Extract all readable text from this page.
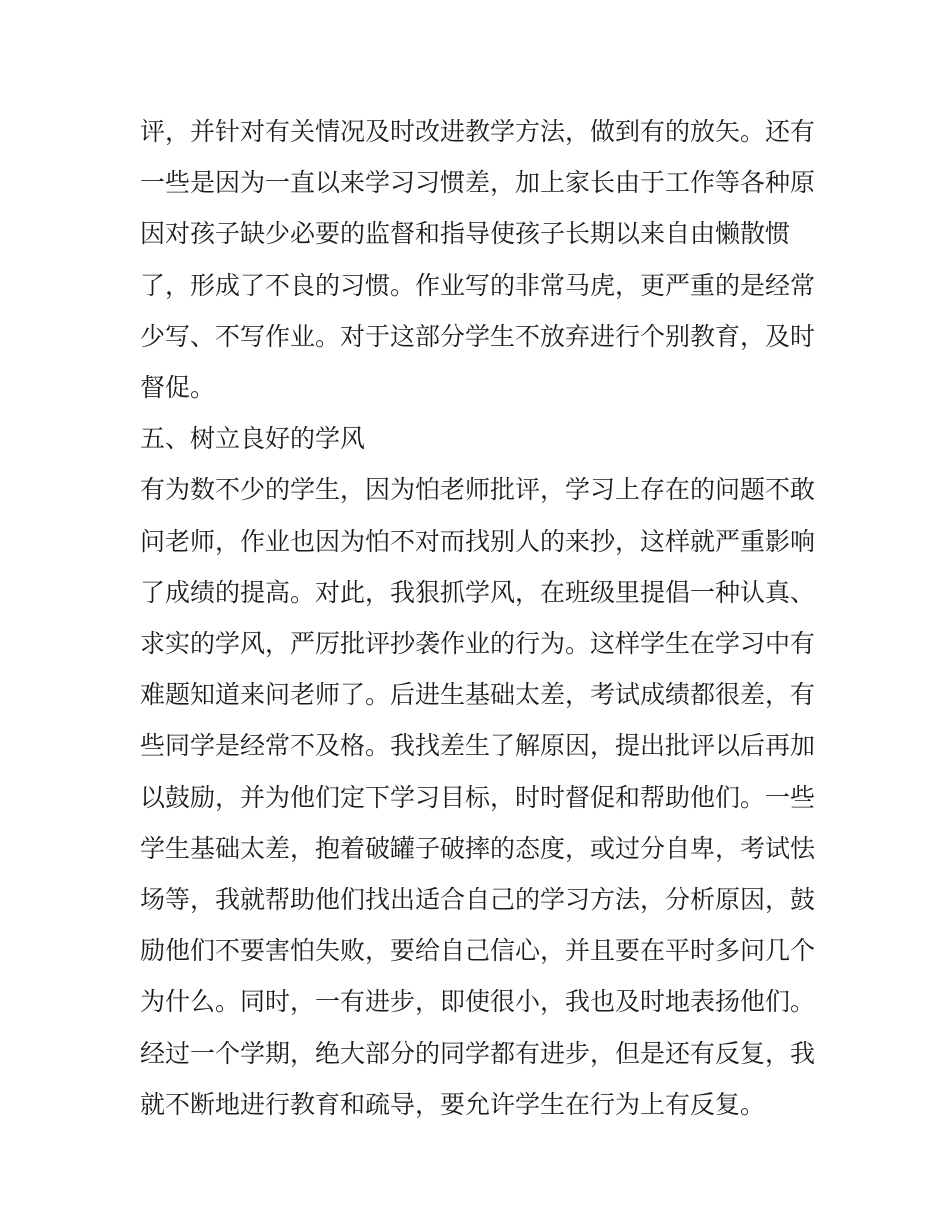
评，并针对有关情况及时改进教学方法，做到有的放矢。还有

一些是因为一直以来学习习惯差，加上家长由于工作等各种原

因对孩子缺少必要的监督和指导使孩子长期以来自由懒散惯

了，形成了不良的习惯。作业写的非常马虎，更严重的是经常

少写、不写作业。对于这部分学生不放弃进行个别教育，及时

督促。

五、树立良好的学风

有为数不少的学生，因为怕老师批评，学习上存在的问题不敢

问老师，作业也因为怕不对而找别人的来抄，这样就严重影响

了成绩的提高。对此，我狠抓学风，在班级里提倡一种认真、

求实的学风，严厉批评抄袭作业的行为。这样学生在学习中有

难题知道来问老师了。后进生基础太差，考试成绩都很差，有

些同学是经常不及格。我找差生了解原因，提出批评以后再加

以鼓励，并为他们定下学习目标，时时督促和帮助他们。一些

学生基础太差，抱着破罐子破摔的态度，或过分自卑，考试怯

场等，我就帮助他们找出适合自己的学习方法，分析原因，鼓

励他们不要害怕失败，要给自己信心，并且要在平时多问几个

为什么。同时，一有进步，即使很小，我也及时地表扬他们。

经过一个学期，绝大部分的同学都有进步，但是还有反复，我

就不断地进行教育和疏导，要允许学生在行为上有反复。
